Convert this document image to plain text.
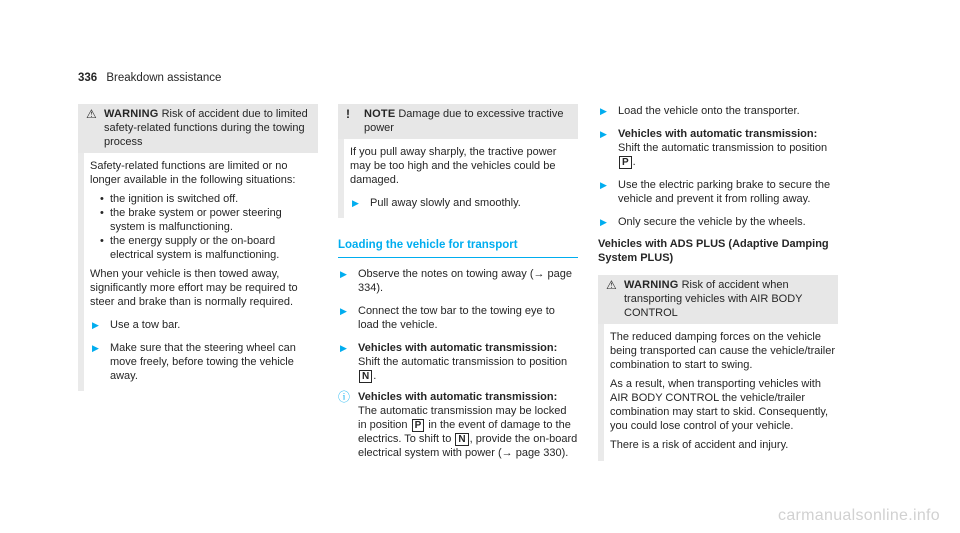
336 Breakdown assistance
⚠ WARNING Risk of accident due to limited safety-related functions during the towing process

Safety-related functions are limited or no longer available in the following situations:

• the ignition is switched off.
• the brake system or power steering system is malfunctioning.
• the energy supply or the on-board electrical system is malfunctioning.

When your vehicle is then towed away, significantly more effort may be required to steer and brake than is normally required.

▶	Use a tow bar.
▶	Make sure that the steering wheel can move freely, before towing the vehicle away.
!	NOTE Damage due to excessive tractive power

If you pull away sharply, the tractive power may be too high and the vehicles could be damaged.

▶	Pull away slowly and smoothly.
Loading the vehicle for transport
▶	Observe the notes on towing away (→ page 334).
▶	Connect the tow bar to the towing eye to load the vehicle.
▶	Vehicles with automatic transmission:
Shift the automatic transmission to position N .
ⓘ Vehicles with automatic transmission:
The automatic transmission may be locked in position P in the event of damage to the electrics. To shift to N , provide the on-board electrical system with power (→ page 330).
▶	Load the vehicle onto the transporter.
▶	Vehicles with automatic transmission:
Shift the automatic transmission to position P .
▶	Use the electric parking brake to secure the vehicle and prevent it from rolling away.
▶	Only secure the vehicle by the wheels.
Vehicles with ADS PLUS (Adaptive Damping System PLUS)
⚠ WARNING Risk of accident when transporting vehicles with AIR BODY CONTROL

The reduced damping forces on the vehicle being transported can cause the vehicle/trailer combination to start to swing.

As a result, when transporting vehicles with AIR BODY CONTROL the vehicle/trailer combination may start to skid. Consequently, you could lose control of your vehicle.

There is a risk of accident and injury.

carmanualsonline.info
